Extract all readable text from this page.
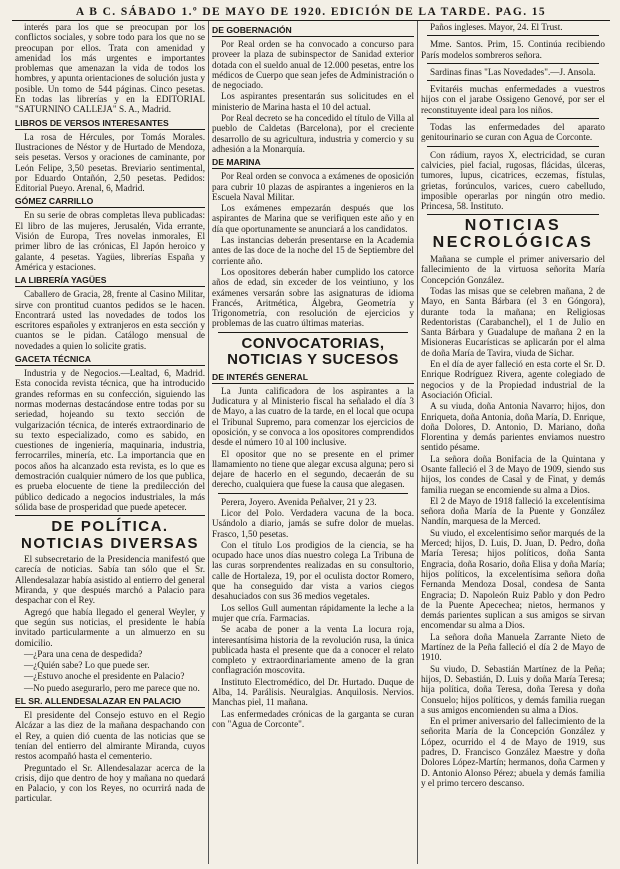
A B C. SÁBADO 1.º DE MAYO DE 1920. EDICIÓN DE LA TARDE. PAG. 15

interés para los que se preocupan por los conflictos sociales, y sobre todo para los que no se preocupan por ellos. Trata con amenidad y amenidad los más urgentes e importantes problemas que amenazan la vida de todos los hombres, y apunta orientaciones de solución justa y posible. Un tomo de 544 páginas. Cinco pesetas. En todas las librerías y en la EDITORIAL "SATURNINO CALLEJA" S. A., Madrid.

LIBROS DE VERSOS INTERESANTES

La rosa de Hércules, por Tomás Morales. Ilustraciones de Néstor y de Hurtado de Mendoza, seis pesetas. Versos y oraciones de caminante, por León Felipe, 3,50 pesetas. Breviario sentimental, por Eduardo Ontañón, 2,50 pesetas. Pedidos: Editorial Pueyo. Arenal, 6, Madrid.

GÓMEZ CARRILLO

En su serie de obras completas lleva publicadas: El libro de las mujeres, Jerusalén, Vida errante, Visión de Europa, Tres novelas inmorales, El primer libro de las crónicas, El Japón heroico y galante, 4 pesetas. Yagües, librerías España y América y estaciones.

LA LIBRERÍA YAGÜES

Caballero de Gracia, 28, frente al Casino Militar, sirve con prontitud cuantos pedidos se le hacen. Encontrará usted las novedades de todos los escritores españoles y extranjeros en esta sección y cuantos se le pidan. Catálogo mensual de novedades a quien lo solicite gratis.

GACETA TÉCNICA

Industria y de Negocios.—Lealtad, 6, Madrid. Esta conocida revista técnica, que ha introducido grandes reformas en su confección, siguiendo las normas modernas destacándose entre todas por su seriedad, hojeando su texto sección de vulgarización técnica, de interés extraordinario de su texto especializado, como es sabido, en cuestiones de ingeniería, maquinaria, industria, ferrocarriles, minería, etc. La importancia que en pocos años ha alcanzado esta revista, es lo que es demostración cualquier número de los que publica, es prueba elocuente de tiene la predilección del público dedicado a negocios industriales, la más sólida base de prosperidad que puede apetecer.

DE POLÍTICA. NOTICIAS DIVERSAS

El subsecretario de la Presidencia manifestó que carecía de noticias. Sabía tan sólo que el Sr. Allendesalazar había asistido al entierro del general Miranda, y que después marchó a Palacio para despachar con el Rey.

Agregó que había llegado el general Weyler, y que según sus noticias, el presidente le había invitado particularmente a un almuerzo en su domicilio.

—¿Para una cena de despedida?

—¿Quién sabe? Lo que puede ser.

—¿Estuvo anoche el presidente en Palacio?

—No puedo asegurarlo, pero me parece que no.

EL SR. ALLENDESALAZAR EN PALACIO

El presidente del Consejo estuvo en el Regio Alcázar a las diez de la mañana despachando con el Rey, a quien dió cuenta de las noticias que se tenían del entierro del almirante Miranda, cuyos restos acompañó hasta el cementerio.

Preguntado el Sr. Allendesalazar acerca de la crisis, dijo que dentro de hoy y mañana no quedará en Palacio, y con los Reyes, no ocurrirá nada de particular.

DE GOBERNACIÓN

Por Real orden se ha convocado a concurso para proveer la plaza de subinspector de Sanidad exterior dotada con el sueldo anual de 12.000 pesetas, entre los médicos de Cuerpo que sean jefes de Administración o de negociado.

Los aspirantes presentarán sus solicitudes en el ministerio de Marina hasta el 10 del actual.

Por Real decreto se ha concedido el título de Villa al pueblo de Caldetas (Barcelona), por el creciente desarrollo de su agricultura, industria y comercio y su adhesión a la Monarquía.

DE MARINA

Por Real orden se convoca a exámenes de oposición para cubrir 10 plazas de aspirantes a ingenieros en la Escuela Naval Militar.

Los exámenes empezarán después que los aspirantes de Marina que se verifiquen este año y en día que oportunamente se anunciará a los candidatos.

Las instancias deberán presentarse en la Academia antes de las doce de la noche del 15 de Septiembre del corriente año.

Los opositores deberán haber cumplido los catorce años de edad, sin exceder de los veintiuno, y los exámenes versarán sobre las asignaturas de idioma Francés, Aritmética, Álgebra, Geometría y Trigonometría, con resolución de ejercicios y problemas de las cuatro últimas materias.

CONVOCATORIAS, NOTICIAS Y SUCESOS
DE INTERÉS GENERAL

La Junta calificadora de los aspirantes a la Judicatura y al Ministerio fiscal ha señalado el día 3 de Mayo, a las cuatro de la tarde, en el local que ocupa el Tribunal Supremo, para comenzar los ejercicios de oposición, y se convoca a los opositores comprendidos desde el número 10 al 100 inclusive.

El opositor que no se presente en el primer llamamiento no tiene que alegar excusa alguna; pero si dejare de hacerlo en el segundo, decaerán de su derecho, cualquiera que fuese la causa que alegasen.

Perera, Joyero. Avenida Peñalver, 21 y 23.

Licor del Polo. Verdadera vacuna de la boca. Usándolo a diario, jamás se sufre dolor de muelas. Frasco, 1,50 pesetas.

Con el título Los prodigios de la ciencia, se ha ocupado hace unos días nuestro colega La Tribuna de las curas sorprendentes realizadas en su consultorio, calle de Hortaleza, 19, por el oculista doctor Romero, que ha conseguido dar vista a varios ciegos desahuciados con sus 36 medios vegetales.

Los sellos Gull aumentan rápidamente la leche a la mujer que cría. Farmacias.

Se acaba de poner a la venta La locura roja, interesantísima historia de la revolución rusa, la única publicada hasta el presente que da a conocer el relato completo y extraordinariamente ameno de la gran conflagración moscovita.

Instituto Electromédico, del Dr. Hurtado. Duque de Alba, 14. Parálisis. Neuralgias. Anquilosis. Nervios. Manchas piel, 11 mañana.

Las enfermedades crónicas de la garganta se curan con "Agua de Corconte".

Paños ingleses. Mayor, 24. El Trust.

Mme. Santos. Prim, 15. Continúa recibiendo París modelos sombreros señora.

Sardinas finas "Las Novedades".—J. Ansola.

Evitaréis muchas enfermedades a vuestros hijos con el jarabe Ossigeno Genové, por ser el reconstituyente ideal para los niños.

Todas las enfermedades del aparato genitourinario se curan con Agua de Corconte.

Con rádium, rayos X, electricidad, se curan calvicies, piel facial, rugosas, flácidas, úlceras, tumores, lupus, cicatrices, eczemas, fístulas, grietas, forúnculos, varices, cuero cabelludo, imposible operarlas por ningún otro medio. Princesa, 58. Instituto.

NOTICIAS NECROLÓGICAS

Mañana se cumple el primer aniversario del fallecimiento de la virtuosa señorita María Concepción González.

Todas las misas que se celebren mañana, 2 de Mayo, en Santa Bárbara (el 3 en Góngora), durante toda la mañana; en Religiosas Redentoristas (Carabanchel), el 1 de Julio en Santa Bárbara y Guadalupe de mañana 2 en la Misioneras Eucarísticas se aplicarán por el alma de doña María de Tavira, viuda de Sichar.

En el día de ayer falleció en esta corte el Sr. D. Enrique Rodríguez Rivera, agente colegiado de negocios y de la Propiedad industrial de la Asociación Oficial.

A su viuda, doña Antonia Navarro; hijos, don Enriqueta, doña Antonia, doña María, D. Enrique, doña Dolores, D. Antonio, D. Mariano, doña Florentina y demás parientes enviamos nuestro sentido pésame.

La señora doña Bonifacia de la Quintana y Osante falleció el 3 de Mayo de 1909, siendo sus hijos, los condes de Casal y de Finat, y demás familia ruegan se encomiende su alma a Dios.

El 2 de Mayo de 1918 falleció la excelentísima señora doña María de la Puente y González Nandín, marquesa de la Merced.

Su viudo, el excelentísimo señor marqués de la Merced; hijos, D. Luis, D. Juan, D. Pedro, doña María Teresa; hijos políticos, doña Santa Engracia, doña Rosario, doña Elisa y doña María; hijos políticos, la excelentísima señora doña Fernanda Mendoza Dosal, condesa de Santa Engracia; D. Napoleón Ruiz Pablo y don Pedro de la Puente Apecechea; nietos, hermanos y demás parientes suplican a sus amigos se sirvan encomendar su alma a Dios.

La señora doña Manuela Zarrante Nieto de Martínez de la Peña falleció el día 2 de Mayo de 1910.

Su viudo, D. Sebastián Martínez de la Peña; hijos, D. Sebastián, D. Luis y doña María Teresa; hija política, doña Teresa, doña Teresa y doña Consuelo; hijos políticos, y demás familia ruegan a sus amigos encomienden su alma a Dios.

En el primer aniversario del fallecimiento de la señorita María de la Concepción González y López, ocurrido el 4 de Mayo de 1919, sus padres, D. Francisco González Maestre y doña Dolores López-Martín; hermanos, doña Carmen y D. Antonio Alonso Pérez; abuela y demás familia y el primo tercero descanso.
